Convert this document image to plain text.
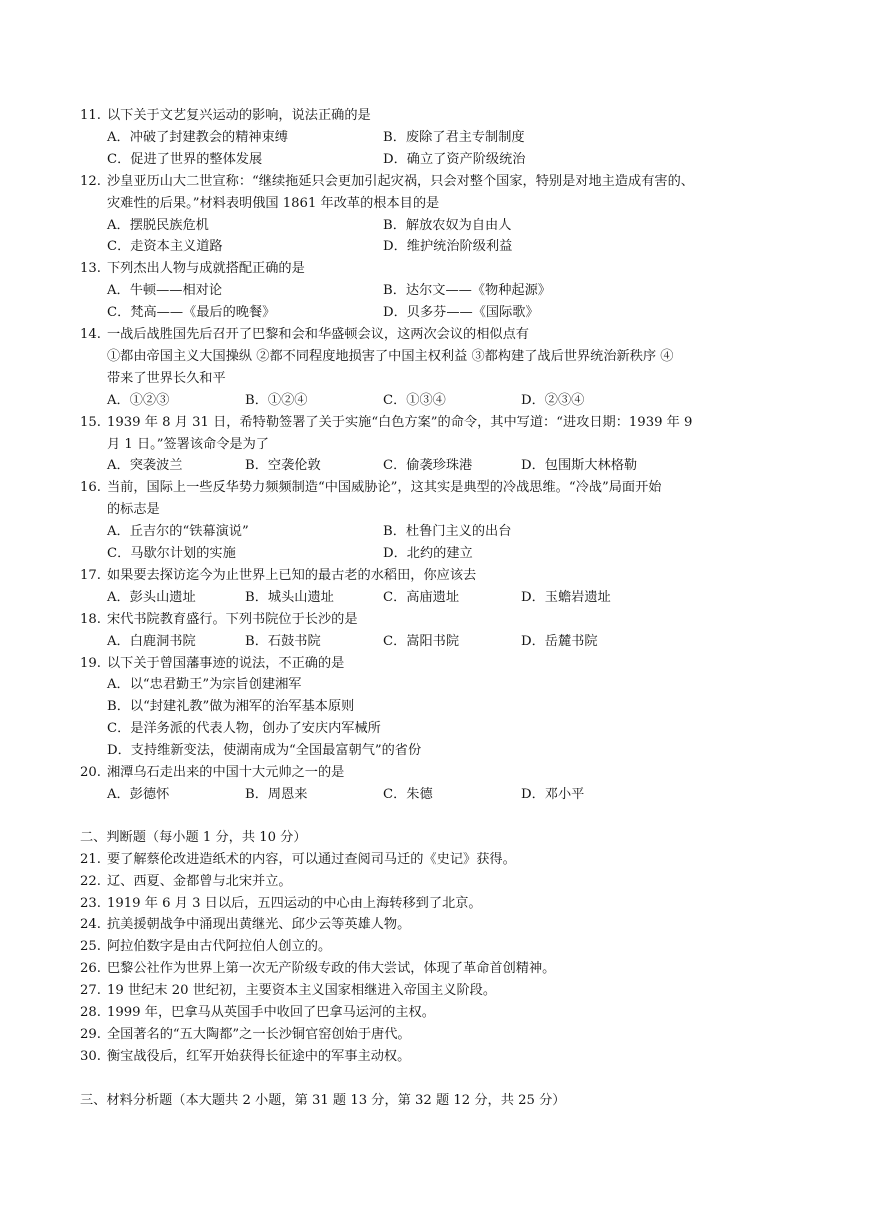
11. 以下关于文艺复兴运动的影响，说法正确的是
A．冲破了封建教会的精神束缚	B．废除了君主专制制度
C．促进了世界的整体发展	D．确立了资产阶级统治
12. 沙皇亚历山大二世宣称：“继续拖延只会更加引起灾祸，只会对整个国家，特别是对地主造成有害的、
灾难性的后果。”材料表明俄国 1861 年改革的根本目的是
A．摆脱民族危机	B．解放农奴为自由人
C．走资本主义道路	D．维护统治阶级利益
13. 下列杰出人物与成就搭配正确的是
A．牛顿——相对论	B．达尔文——《物种起源》
C．梵高——《最后的晚餐》	D．贝多芬——《国际歌》
14. 一战后战胜国先后召开了巴黎和会和华盛顿会议，这两次会议的相似点有
①都由帝国主义大国操纵 ②都不同程度地损害了中国主权利益 ③都构建了战后世界统治新秩序 ④
带来了世界长久和平
A．①②③	B．①②④	C．①③④	D．②③④
15. 1939 年 8 月 31 日，希特勒签署了关于实施“白色方案”的命令，其中写道：“进攻日期：1939 年 9
月 1 日。”签署该命令是为了
A．突袭波兰	B．空袭伦敦	C．偷袭珍珠港	D．包围斯大林格勒
16. 当前，国际上一些反华势力频频制造“中国威胁论”，这其实是典型的冷战思维。“冷战”局面开始
的标志是
A．丘吉尔的“铁幕演说”	B．杜鲁门主义的出台
C．马歇尔计划的实施	D．北约的建立
17. 如果要去探访迄今为止世界上已知的最古老的水稻田，你应该去
A．彭头山遗址	B．城头山遗址	C．高庙遗址	D．玉蟾岩遗址
18. 宋代书院教育盛行。下列书院位于长沙的是
A．白鹿洞书院	B．石鼓书院	C．嵩阳书院	D．岳麓书院
19. 以下关于曾国藩事迹的说法，不正确的是
A．以“忠君勤王”为宗旨创建湘军
B．以“封建礼教”做为湘军的治军基本原则
C．是洋务派的代表人物，创办了安庆内军械所
D．支持维新变法，使湖南成为“全国最富朝气”的省份
20. 湘潭乌石走出来的中国十大元帅之一的是
A．彭德怀	B．周恩来	C．朱德	D．邓小平
二、判断题（每小题 1 分，共 10 分）
21. 要了解蔡伦改进造纸术的内容，可以通过查阅司马迁的《史记》获得。
22. 辽、西夏、金都曾与北宋并立。
23. 1919 年 6 月 3 日以后，五四运动的中心由上海转移到了北京。
24. 抗美援朝战争中涌现出黄继光、邱少云等英雄人物。
25. 阿拉伯数字是由古代阿拉伯人创立的。
26. 巴黎公社作为世界上第一次无产阶级专政的伟大尝试，体现了革命首创精神。
27. 19 世纪末 20 世纪初，主要资本主义国家相继进入帝国主义阶段。
28. 1999 年，巴拿马从英国手中收回了巴拿马运河的主权。
29. 全国著名的“五大陶都”之一长沙铜官窑创始于唐代。
30. 衡宝战役后，红军开始获得长征途中的军事主动权。
三、材料分析题（本大题共 2 小题，第 31 题 13 分，第 32 题 12 分，共 25 分）
